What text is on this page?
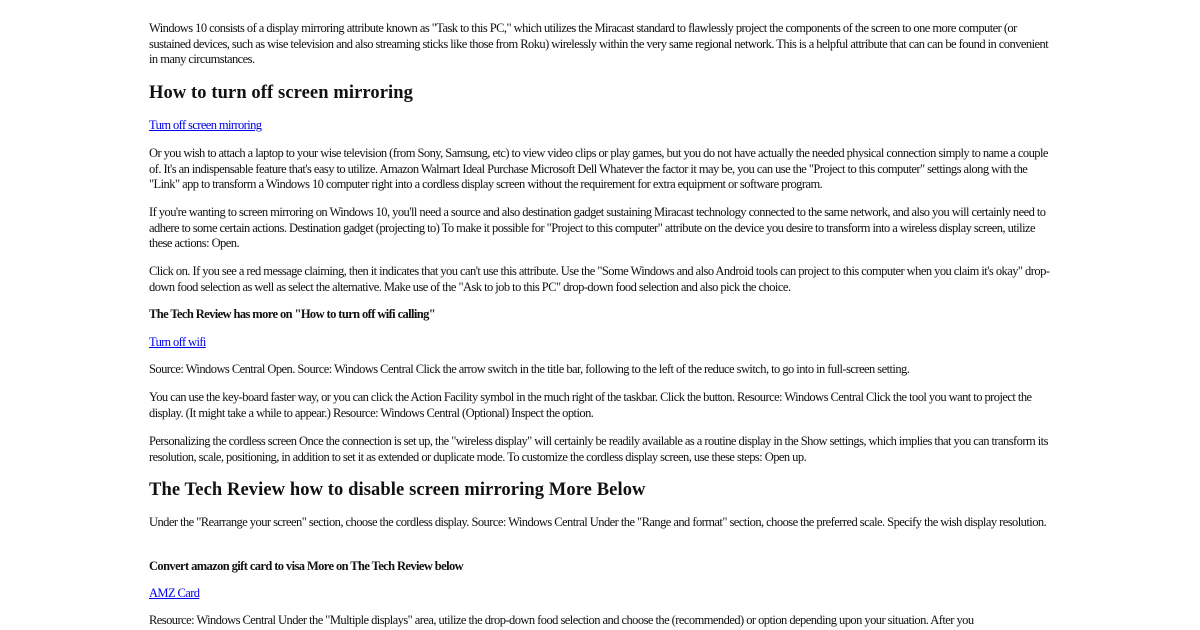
Windows 10 consists of a display mirroring attribute known as "Task to this PC," which utilizes the Miracast standard to flawlessly project the components of the screen to one more computer (or sustained devices, such as wise television and also streaming sticks like those from Roku) wirelessly within the very same regional network. This is a helpful attribute that can can be found in convenient in many circumstances.

How to turn off screen mirroring
Turn off screen mirroring

Or you wish to attach a laptop to your wise television (from Sony, Samsung, etc) to view video clips or play games, but you do not have actually the needed physical connection simply to name a couple of. It's an indispensable feature that's easy to utilize. Amazon Walmart Ideal Purchase Microsoft Dell Whatever the factor it may be, you can use the "Project to this computer" settings along with the "Link" app to transform a Windows 10 computer right into a cordless display screen without the requirement for extra equipment or software program.

If you're wanting to screen mirroring on Windows 10, you'll need a source and also destination gadget sustaining Miracast technology connected to the same network, and also you will certainly need to adhere to some certain actions. Destination gadget (projecting to) To make it possible for "Project to this computer" attribute on the device you desire to transform into a wireless display screen, utilize these actions: Open.

Click on. If you see a red message claiming, then it indicates that you can't use this attribute. Use the "Some Windows and also Android tools can project to this computer when you claim it's okay" drop-down food selection as well as select the alternative. Make use of the "Ask to job to this PC" drop-down food selection and also pick the choice.

The Tech Review has more on "How to turn off wifi calling"

Turn off wifi

Source: Windows Central Open. Source: Windows Central Click the arrow switch in the title bar, following to the left of the reduce switch, to go into in full-screen setting.

You can use the key-board faster way, or you can click the Action Facility symbol in the much right of the taskbar. Click the button. Resource: Windows Central Click the tool you want to project the display. (It might take a while to appear.) Resource: Windows Central (Optional) Inspect the option.

Personalizing the cordless screen Once the connection is set up, the "wireless display" will certainly be readily available as a routine display in the Show settings, which implies that you can transform its resolution, scale, positioning, in addition to set it as extended or duplicate mode. To customize the cordless display screen, use these steps: Open up.

The Tech Review how to disable screen mirroring More Below

Under the "Rearrange your screen" section, choose the cordless display. Source: Windows Central Under the "Range and format" section, choose the preferred scale. Specify the wish display resolution.

Convert amazon gift card to visa More on The Tech Review below

AMZ Card

Resource: Windows Central Under the "Multiple displays" area, utilize the drop-down food selection and choose the (recommended) or option depending upon your situation. After you
